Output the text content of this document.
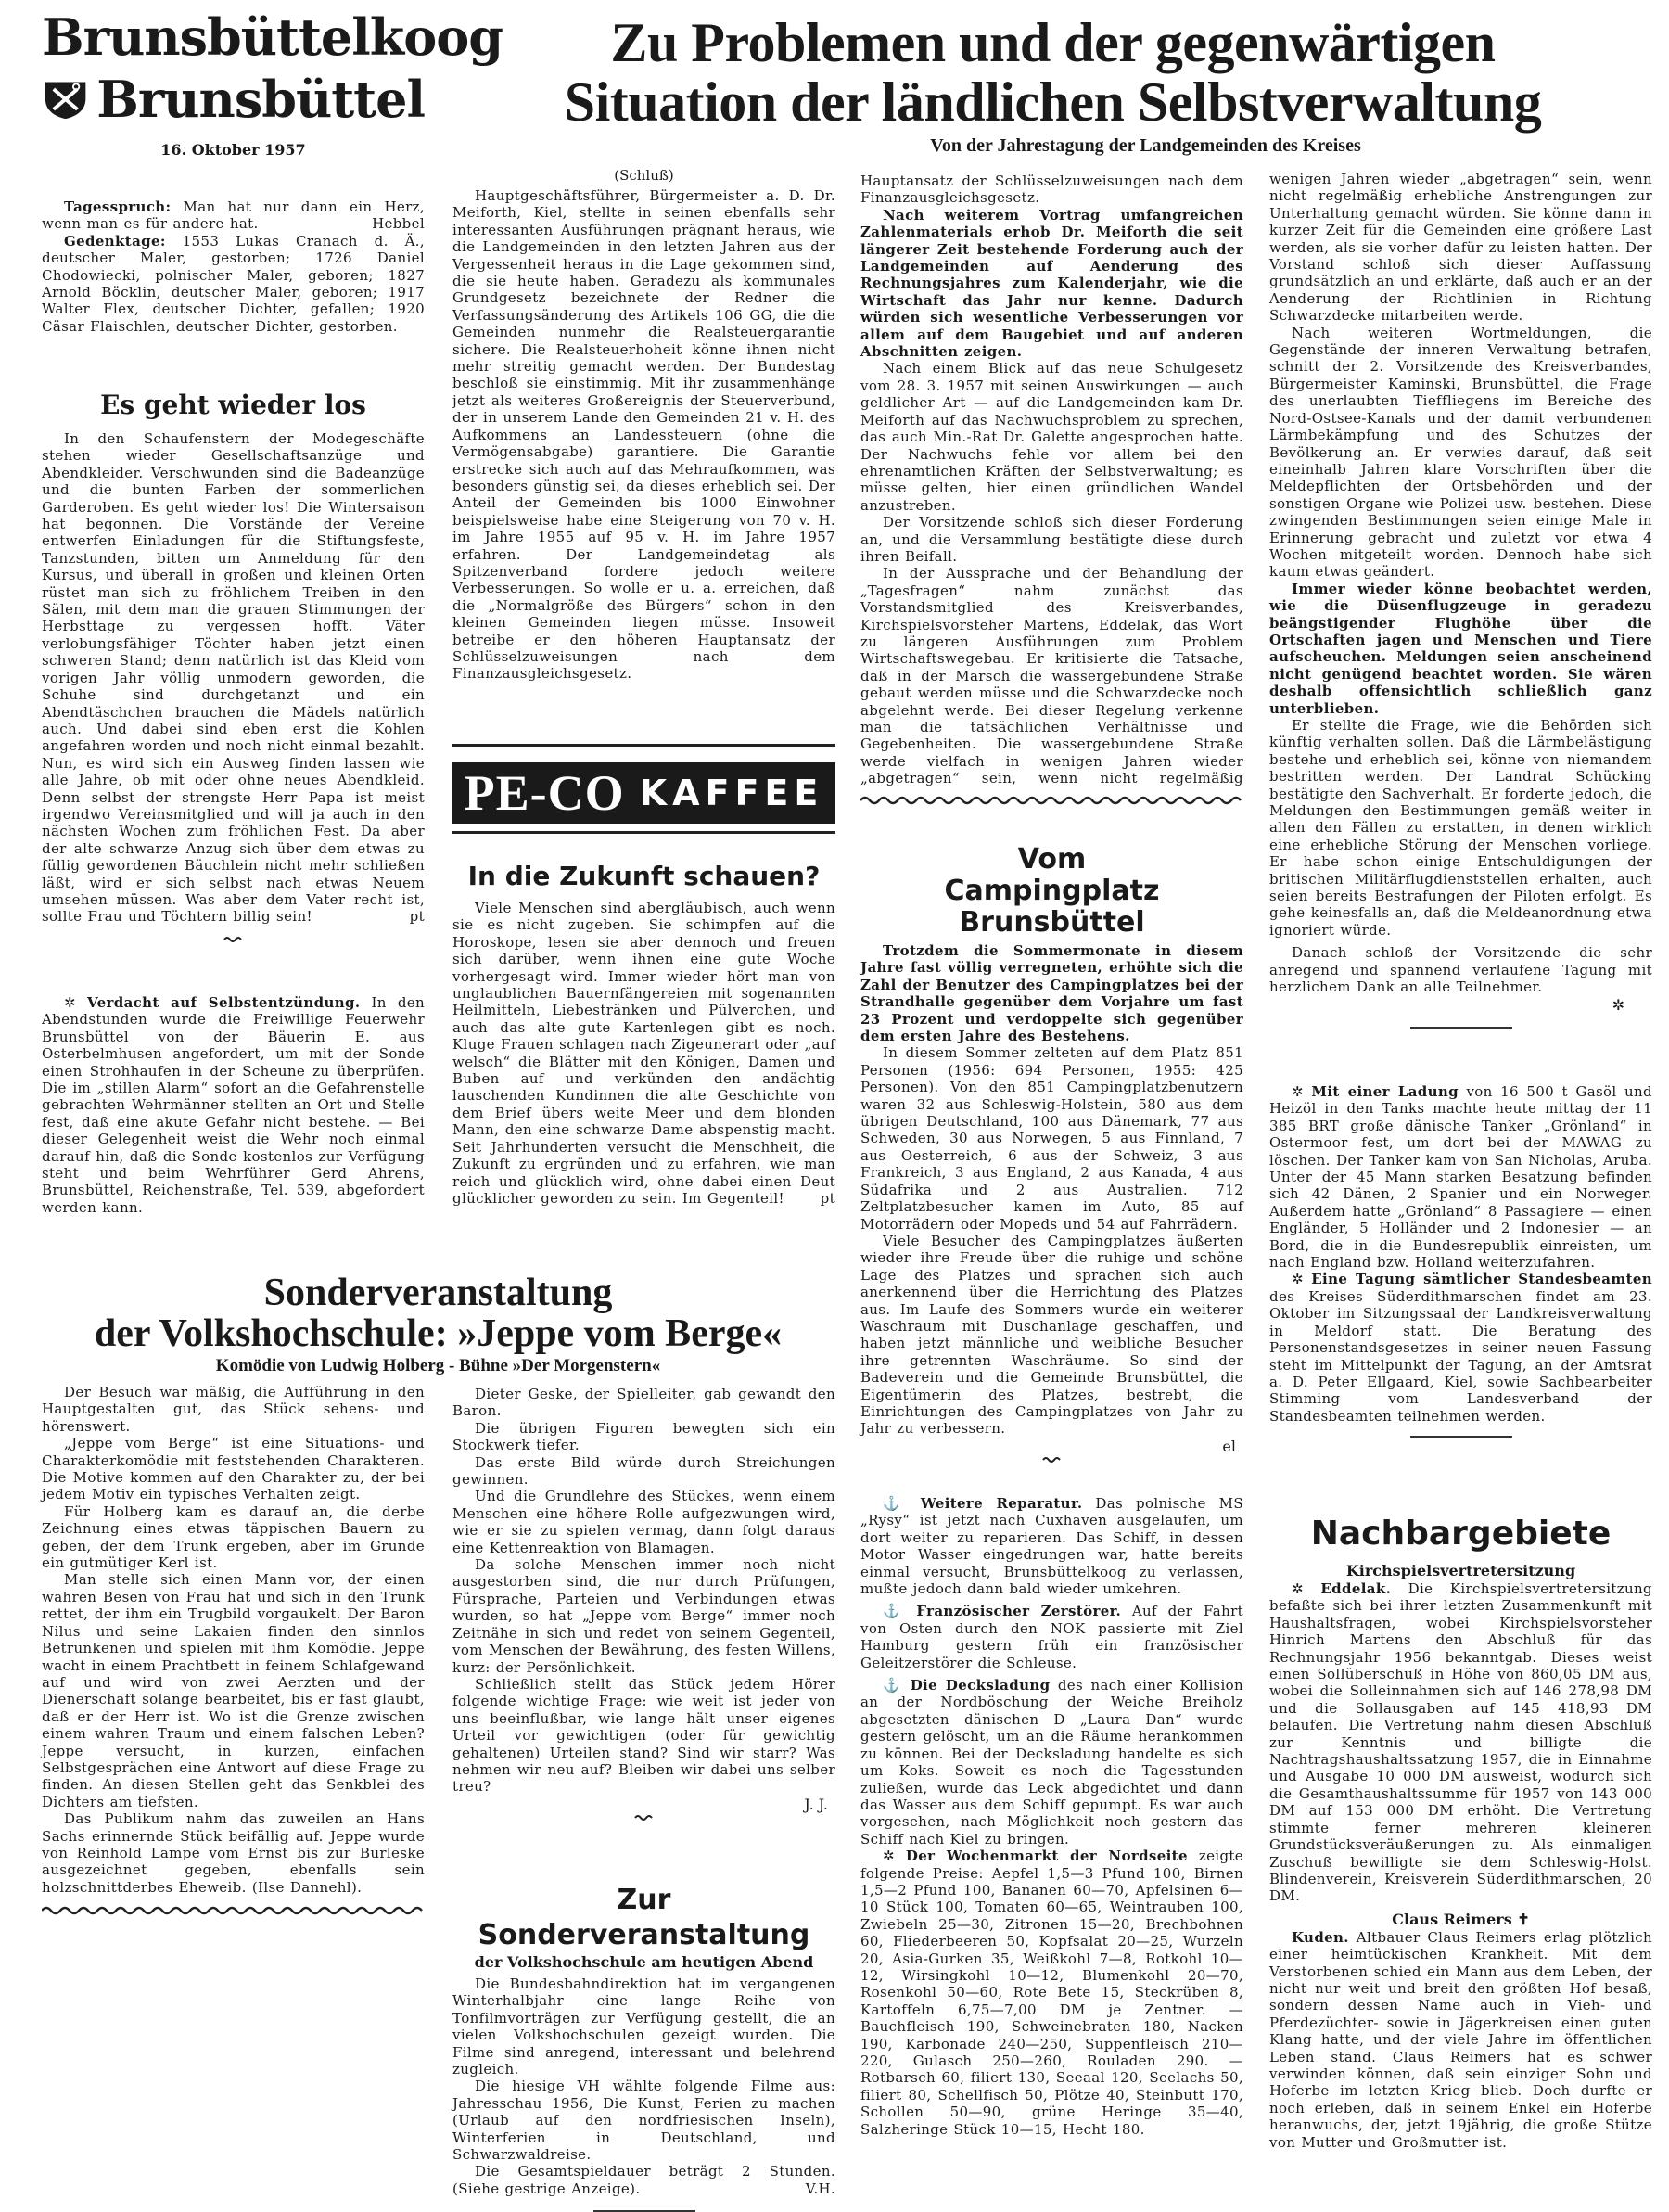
Brunsbüttelkoog
Brunsbüttel
16. Oktober 1957

Tagesspruch: Man hat nur dann ein Herz, wenn man es für andere hat.	Hebbel

Gedenktage: 1553 Lukas Cranach d. Ä., deutscher Maler, gestorben; 1726 Daniel Chodowiecki, polnischer Maler, geboren; 1827 Arnold Böcklin, deutscher Maler, geboren; 1917 Walter Flex, deutscher Dichter, gefallen; 1920 Cäsar Flaischlen, deutscher Dichter, gestorben.

Es geht wieder los

In den Schaufenstern der Modegeschäfte stehen wieder Gesellschaftsanzüge und Abendkleider. Verschwunden sind die Badeanzüge und die bunten Farben der sommerlichen Garderoben. Es geht wieder los! Die Wintersaison hat begonnen. Die Vorstände der Vereine entwerfen Einladungen für die Stiftungsfeste, Tanzstunden, bitten um Anmeldung für den Kursus, und überall in großen und kleinen Orten rüstet man sich zu fröhlichem Treiben in den Sälen, mit dem man die grauen Stimmungen der Herbsttage zu vergessen hofft. Väter verlobungsfähiger Töchter haben jetzt einen schweren Stand; denn natürlich ist das Kleid vom vorigen Jahr völlig unmodern geworden, die Schuhe sind durchgetanzt und ein Abendtäschchen brauchen die Mädels natürlich auch. Und dabei sind eben erst die Kohlen angefahren worden und noch nicht einmal bezahlt. Nun, es wird sich ein Ausweg finden lassen wie alle Jahre, ob mit oder ohne neues Abendkleid. Denn selbst der strengste Herr Papa ist meist irgendwo Vereinsmitglied und will ja auch in den nächsten Wochen zum fröhlichen Fest. Da aber der alte schwarze Anzug sich über dem etwas zu füllig gewordenen Bäuchlein nicht mehr schließen läßt, wird er sich selbst nach etwas Neuem umsehen müssen. Was aber dem Vater recht ist, sollte Frau und Töchtern billig sein!	pt

✲ Verdacht auf Selbstentzündung. In den Abendstunden wurde die Freiwillige Feuerwehr Brunsbüttel von der Bäuerin E. aus Osterbelmhusen angefordert, um mit der Sonde einen Strohhaufen in der Scheune zu überprüfen. Die im „stillen Alarm“ sofort an die Gefahrenstelle gebrachten Wehrmänner stellten an Ort und Stelle fest, daß eine akute Gefahr nicht bestehe. — Bei dieser Gelegenheit weist die Wehr noch einmal darauf hin, daß die Sonde kostenlos zur Verfügung steht und beim Wehrführer Gerd Ahrens, Brunsbüttel, Reichenstraße, Tel. 539, abgefordert werden kann.

Zu Problemen und der gegenwärtigen
Situation der ländlichen Selbstverwaltung
Von der Jahrestagung der Landgemeinden des Kreises
(Schluß)

Hauptgeschäftsführer, Bürgermeister a. D. Dr. Meiforth, Kiel, stellte in seinen ebenfalls sehr interessanten Ausführungen prägnant heraus, wie die Landgemeinden in den letzten Jahren aus der Vergessenheit heraus in die Lage gekommen sind, die sie heute haben. Geradezu als kommunales Grundgesetz bezeichnete der Redner die Verfassungsänderung des Artikels 106 GG, die die Gemeinden nunmehr die Realsteuergarantie sichere. Die Realsteuerhoheit könne ihnen nicht mehr streitig gemacht werden. Der Bundestag beschloß sie einstimmig. Mit ihr zusammenhänge jetzt als weiteres Großereignis der Steuerverbund, der in unserem Lande den Gemeinden 21 v. H. des Aufkommens an Landessteuern (ohne die Vermögensabgabe) garantiere. Die Garantie erstrecke sich auch auf das Mehraufkommen, was besonders günstig sei, da dieses erheblich sei. Der Anteil der Gemeinden bis 1000 Einwohner beispielsweise habe eine Steigerung von 70 v. H. im Jahre 1955 auf 95 v. H. im Jahre 1957 erfahren. Der Landgemeindetag als Spitzenverband fordere jedoch weitere Verbesserungen. So wolle er u. a. erreichen, daß die „Normalgröße des Bürgers“ schon in den kleinen Gemeinden liegen müsse. Insoweit betreibe er den höheren Hauptansatz der Schlüsselzuweisungen nach dem Finanzausgleichsgesetz.

PE-CO KAFFEE
In die Zukunft schauen?

Viele Menschen sind abergläubisch, auch wenn sie es nicht zugeben. Sie schimpfen auf die Horoskope, lesen sie aber dennoch und freuen sich darüber, wenn ihnen eine gute Woche vorhergesagt wird. Immer wieder hört man von unglaublichen Bauernfängereien mit sogenannten Heilmitteln, Liebestränken und Pülverchen, und auch das alte gute Kartenlegen gibt es noch. Kluge Frauen schlagen nach Zigeunerart oder „auf welsch“ die Blätter mit den Königen, Damen und Buben auf und verkünden den andächtig lauschenden Kundinnen die alte Geschichte von dem Brief übers weite Meer und dem blonden Mann, den eine schwarze Dame abspenstig macht. Seit Jahrhunderten versucht die Menschheit, die Zukunft zu ergründen und zu erfahren, wie man reich und glücklich wird, ohne dabei einen Deut glücklicher geworden zu sein. Im Gegenteil!	pt

Sonderveranstaltung
der Volkshochschule: »Jeppe vom Berge«
Komödie von Ludwig Holberg - Bühne »Der Morgenstern«

Der Besuch war mäßig, die Aufführung in den Hauptgestalten gut, das Stück sehens- und hörenswert.

„Jeppe vom Berge“ ist eine Situations- und Charakterkomödie mit feststehenden Charakteren. Die Motive kommen auf den Charakter zu, der bei jedem Motiv ein typisches Verhalten zeigt.

Für Holberg kam es darauf an, die derbe Zeichnung eines etwas täppischen Bauern zu geben, der dem Trunk ergeben, aber im Grunde ein gutmütiger Kerl ist.

Man stelle sich einen Mann vor, der einen wahren Besen von Frau hat und sich in den Trunk rettet, der ihm ein Trugbild vorgaukelt. Der Baron Nilus und seine Lakaien finden den sinnlos Betrunkenen und spielen mit ihm Komödie. Jeppe wacht in einem Prachtbett in feinem Schlafgewand auf und wird von zwei Aerzten und der Dienerschaft solange bearbeitet, bis er fast glaubt, daß er der Herr ist. Wo ist die Grenze zwischen einem wahren Traum und einem falschen Leben? Jeppe versucht, in kurzen, einfachen Selbstgesprächen eine Antwort auf diese Frage zu finden. An diesen Stellen geht das Senkblei des Dichters am tiefsten.

Das Publikum nahm das zuweilen an Hans Sachs erinnernde Stück beifällig auf. Jeppe wurde von Reinhold Lampe vom Ernst bis zur Burleske ausgezeichnet gegeben, ebenfalls sein holzschnittderbes Eheweib. (Ilse Dannehl).

Dieter Geske, der Spielleiter, gab gewandt den Baron.

Die übrigen Figuren bewegten sich ein Stockwerk tiefer.

Das erste Bild würde durch Streichungen gewinnen.

Und die Grundlehre des Stückes, wenn einem Menschen eine höhere Rolle aufgezwungen wird, wie er sie zu spielen vermag, dann folgt daraus eine Kettenreaktion von Blamagen.

Da solche Menschen immer noch nicht ausgestorben sind, die nur durch Prüfungen, Fürsprache, Parteien und Verbindungen etwas wurden, so hat „Jeppe vom Berge“ immer noch Zeitnähe in sich und redet von seinem Gegenteil, vom Menschen der Bewährung, des festen Willens, kurz: der Persönlichkeit.

Schließlich stellt das Stück jedem Hörer folgende wichtige Frage: wie weit ist jeder von uns beeinflußbar, wie lange hält unser eigenes Urteil vor gewichtigen (oder für gewichtig gehaltenen) Urteilen stand? Sind wir starr? Was nehmen wir neu auf? Bleiben wir dabei uns selber treu?

J. J.
Zur Sonderveranstaltung
der Volkshochschule am heutigen Abend

Die Bundesbahndirektion hat im vergangenen Winterhalbjahr eine lange Reihe von Tonfilmvorträgen zur Verfügung gestellt, die an vielen Volkshochschulen gezeigt wurden. Die Filme sind anregend, interessant und belehrend zugleich.

Die hiesige VH wählte folgende Filme aus: Jahresschau 1956, Die Kunst, Ferien zu machen (Urlaub auf den nordfriesischen Inseln), Winterferien in Deutschland, und Schwarzwaldreise.

Die Gesamtspieldauer beträgt 2 Stunden. (Siehe gestrige Anzeige).	V.H.

Hauptansatz der Schlüsselzuweisungen nach dem Finanzausgleichsgesetz.

Nach weiterem Vortrag umfangreichen Zahlenmaterials erhob Dr. Meiforth die seit längerer Zeit bestehende Forderung auch der Landgemeinden auf Aenderung des Rechnungsjahres zum Kalenderjahr, wie die Wirtschaft das Jahr nur kenne. Dadurch würden sich wesentliche Verbesserungen vor allem auf dem Baugebiet und auf anderen Abschnitten zeigen.

Nach einem Blick auf das neue Schulgesetz vom 28. 3. 1957 mit seinen Auswirkungen — auch geldlicher Art — auf die Landgemeinden kam Dr. Meiforth auf das Nachwuchsproblem zu sprechen, das auch Min.-Rat Dr. Galette angesprochen hatte. Der Nachwuchs fehle vor allem bei den ehrenamtlichen Kräften der Selbstverwaltung; es müsse gelten, hier einen gründlichen Wandel anzustreben.

Der Vorsitzende schloß sich dieser Forderung an, und die Versammlung bestätigte diese durch ihren Beifall.

In der Aussprache und der Behandlung der „Tagesfragen“ nahm zunächst das Vorstandsmitglied des Kreisverbandes, Kirchspielsvorsteher Martens, Eddelak, das Wort zu längeren Ausführungen zum Problem Wirtschaftswegebau. Er kritisierte die Tatsache, daß in der Marsch die wassergebundene Straße gebaut werden müsse und die Schwarzdecke noch abgelehnt werde. Bei dieser Regelung verkenne man die tatsächlichen Verhältnisse und Gegebenheiten. Die wassergebundene Straße werde vielfach in wenigen Jahren wieder „abgetragen“ sein, wenn nicht regelmäßig

Vom
Campingplatz Brunsbüttel

Trotzdem die Sommermonate in diesem Jahre fast völlig verregneten, erhöhte sich die Zahl der Benutzer des Campingplatzes bei der Strandhalle gegenüber dem Vorjahre um fast 23 Prozent und verdoppelte sich gegenüber dem ersten Jahre des Bestehens.

In diesem Sommer zelteten auf dem Platz 851 Personen (1956: 694 Personen, 1955: 425 Personen). Von den 851 Campingplatzbenutzern waren 32 aus Schleswig-Holstein, 580 aus dem übrigen Deutschland, 100 aus Dänemark, 77 aus Schweden, 30 aus Norwegen, 5 aus Finnland, 7 aus Oesterreich, 6 aus der Schweiz, 3 aus Frankreich, 3 aus England, 2 aus Kanada, 4 aus Südafrika und 2 aus Australien. 712 Zeltplatzbesucher kamen im Auto, 85 auf Motorrädern oder Mopeds und 54 auf Fahrrädern.

Viele Besucher des Campingplatzes äußerten wieder ihre Freude über die ruhige und schöne Lage des Platzes und sprachen sich auch anerkennend über die Herrichtung des Platzes aus. Im Laufe des Sommers wurde ein weiterer Waschraum mit Duschanlage geschaffen, und haben jetzt männliche und weibliche Besucher ihre getrennten Waschräume. So sind der Badeverein und die Gemeinde Brunsbüttel, die Eigentümerin des Platzes, bestrebt, die Einrichtungen des Campingplatzes von Jahr zu Jahr zu verbessern.

el

⚓ Weitere Reparatur. Das polnische MS „Rysy“ ist jetzt nach Cuxhaven ausgelaufen, um dort weiter zu reparieren. Das Schiff, in dessen Motor Wasser eingedrungen war, hatte bereits einmal versucht, Brunsbüttelkoog zu verlassen, mußte jedoch dann bald wieder umkehren.

⚓ Französischer Zerstörer. Auf der Fahrt von Osten durch den NOK passierte mit Ziel Hamburg gestern früh ein französischer Geleitzerstörer die Schleuse.

⚓ Die Decksladung des nach einer Kollision an der Nordböschung der Weiche Breiholz abgesetzten dänischen D „Laura Dan“ wurde gestern gelöscht, um an die Räume herankommen zu können. Bei der Decksladung handelte es sich um Koks. Soweit es noch die Tagesstunden zuließen, wurde das Leck abgedichtet und dann das Wasser aus dem Schiff gepumpt. Es war auch vorgesehen, nach Möglichkeit noch gestern das Schiff nach Kiel zu bringen.

✲ Der Wochenmarkt der Nordseite zeigte folgende Preise: Aepfel 1,5—3 Pfund 100, Birnen 1,5—2 Pfund 100, Bananen 60—70, Apfelsinen 6—10 Stück 100, Tomaten 60—65, Weintrauben 100, Zwiebeln 25—30, Zitronen 15—20, Brechbohnen 60, Fliederbeeren 50, Kopfsalat 20—25, Wurzeln 20, Asia-Gurken 35, Weißkohl 7—8, Rotkohl 10—12, Wirsingkohl 10—12, Blumenkohl 20—70, Rosenkohl 50—60, Rote Bete 15, Steckrüben 8, Kartoffeln 6,75—7,00 DM je Zentner. — Bauchfleisch 190, Schweinebraten 180, Nacken 190, Karbonade 240—250, Suppenfleisch 210—220, Gulasch 250—260, Rouladen 290. — Rotbarsch 60, filiert 130, Seeaal 120, Seelachs 50, filiert 80, Schellfisch 50, Plötze 40, Steinbutt 170, Schollen 50—90, grüne Heringe 35—40, Salzheringe Stück 10—15, Hecht 180.

wenigen Jahren wieder „abgetragen“ sein, wenn nicht regelmäßig erhebliche Anstrengungen zur Unterhaltung gemacht würden. Sie könne dann in kurzer Zeit für die Gemeinden eine größere Last werden, als sie vorher dafür zu leisten hatten. Der Vorstand schloß sich dieser Auffassung grundsätzlich an und erklärte, daß auch er an der Aenderung der Richtlinien in Richtung Schwarzdecke mitarbeiten werde.

Nach weiteren Wortmeldungen, die Gegenstände der inneren Verwaltung betrafen, schnitt der 2. Vorsitzende des Kreisverbandes, Bürgermeister Kaminski, Brunsbüttel, die Frage des unerlaubten Tieffliegens im Bereiche des Nord-Ostsee-Kanals und der damit verbundenen Lärmbekämpfung und des Schutzes der Bevölkerung an. Er verwies darauf, daß seit eineinhalb Jahren klare Vorschriften über die Meldepflichten der Ortsbehörden und der sonstigen Organe wie Polizei usw. bestehen. Diese zwingenden Bestimmungen seien einige Male in Erinnerung gebracht und zuletzt vor etwa 4 Wochen mitgeteilt worden. Dennoch habe sich kaum etwas geändert.

Immer wieder könne beobachtet werden, wie die Düsenflugzeuge in geradezu beängstigender Flughöhe über die Ortschaften jagen und Menschen und Tiere aufscheuchen. Meldungen seien anscheinend nicht genügend beachtet worden. Sie wären deshalb offensichtlich schließlich ganz unterblieben.

Er stellte die Frage, wie die Behörden sich künftig verhalten sollen. Daß die Lärmbelästigung bestehe und erheblich sei, könne von niemandem bestritten werden. Der Landrat Schücking bestätigte den Sachverhalt. Er forderte jedoch, die Meldungen den Bestimmungen gemäß weiter in allen den Fällen zu erstatten, in denen wirklich eine erhebliche Störung der Menschen vorliege. Er habe schon einige Entschuldigungen der britischen Militärflugdienststellen erhalten, auch seien bereits Bestrafungen der Piloten erfolgt. Es gehe keinesfalls an, daß die Meldeanordnung etwa ignoriert würde.

Danach schloß der Vorsitzende die sehr anregend und spannend verlaufene Tagung mit herzlichem Dank an alle Teilnehmer.

✲

✲ Mit einer Ladung von 16 500 t Gasöl und Heizöl in den Tanks machte heute mittag der 11 385 BRT große dänische Tanker „Grönland“ in Ostermoor fest, um dort bei der MAWAG zu löschen. Der Tanker kam von San Nicholas, Aruba. Unter der 45 Mann starken Besatzung befinden sich 42 Dänen, 2 Spanier und ein Norweger. Außerdem hatte „Grönland“ 8 Passagiere — einen Engländer, 5 Holländer und 2 Indonesier — an Bord, die in die Bundesrepublik einreisten, um nach England bzw. Holland weiterzufahren.

✲ Eine Tagung sämtlicher Standesbeamten des Kreises Süderdithmarschen findet am 23. Oktober im Sitzungssaal der Landkreisverwaltung in Meldorf statt. Die Beratung des Personenstandsgesetzes in seiner neuen Fassung steht im Mittelpunkt der Tagung, an der Amtsrat a. D. Peter Ellgaard, Kiel, sowie Sachbearbeiter Stimming vom Landesverband der Standesbeamten teilnehmen werden.

Nachbargebiete
Kirchspielsvertretersitzung

✲ Eddelak. Die Kirchspielsvertretersitzung befaßte sich bei ihrer letzten Zusammenkunft mit Haushaltsfragen, wobei Kirchspielsvorsteher Hinrich Martens den Abschluß für das Rechnungsjahr 1956 bekanntgab. Dieses weist einen Sollüberschuß in Höhe von 860,05 DM aus, wobei die Solleinnahmen sich auf 146 278,98 DM und die Sollausgaben auf 145 418,93 DM belaufen. Die Vertretung nahm diesen Abschluß zur Kenntnis und billigte die Nachtragshaushaltssatzung 1957, die in Einnahme und Ausgabe 10 000 DM ausweist, wodurch sich die Gesamthaushaltssumme für 1957 von 143 000 DM auf 153 000 DM erhöht. Die Vertretung stimmte ferner mehreren kleineren Grundstücksveräußerungen zu. Als einmaligen Zuschuß bewilligte sie dem Schleswig-Holst. Blindenverein, Kreisverein Süderdithmarschen, 20 DM.

Claus Reimers ✝

Kuden. Altbauer Claus Reimers erlag plötzlich einer heimtückischen Krankheit. Mit dem Verstorbenen schied ein Mann aus dem Leben, der nicht nur weit und breit den größten Hof besaß, sondern dessen Name auch in Vieh- und Pferdezüchter- sowie in Jägerkreisen einen guten Klang hatte, und der viele Jahre im öffentlichen Leben stand. Claus Reimers hat es schwer verwinden können, daß sein einziger Sohn und Hoferbe im letzten Krieg blieb. Doch durfte er noch erleben, daß in seinem Enkel ein Hoferbe heranwuchs, der, jetzt 19jährig, die große Stütze von Mutter und Großmutter ist.
